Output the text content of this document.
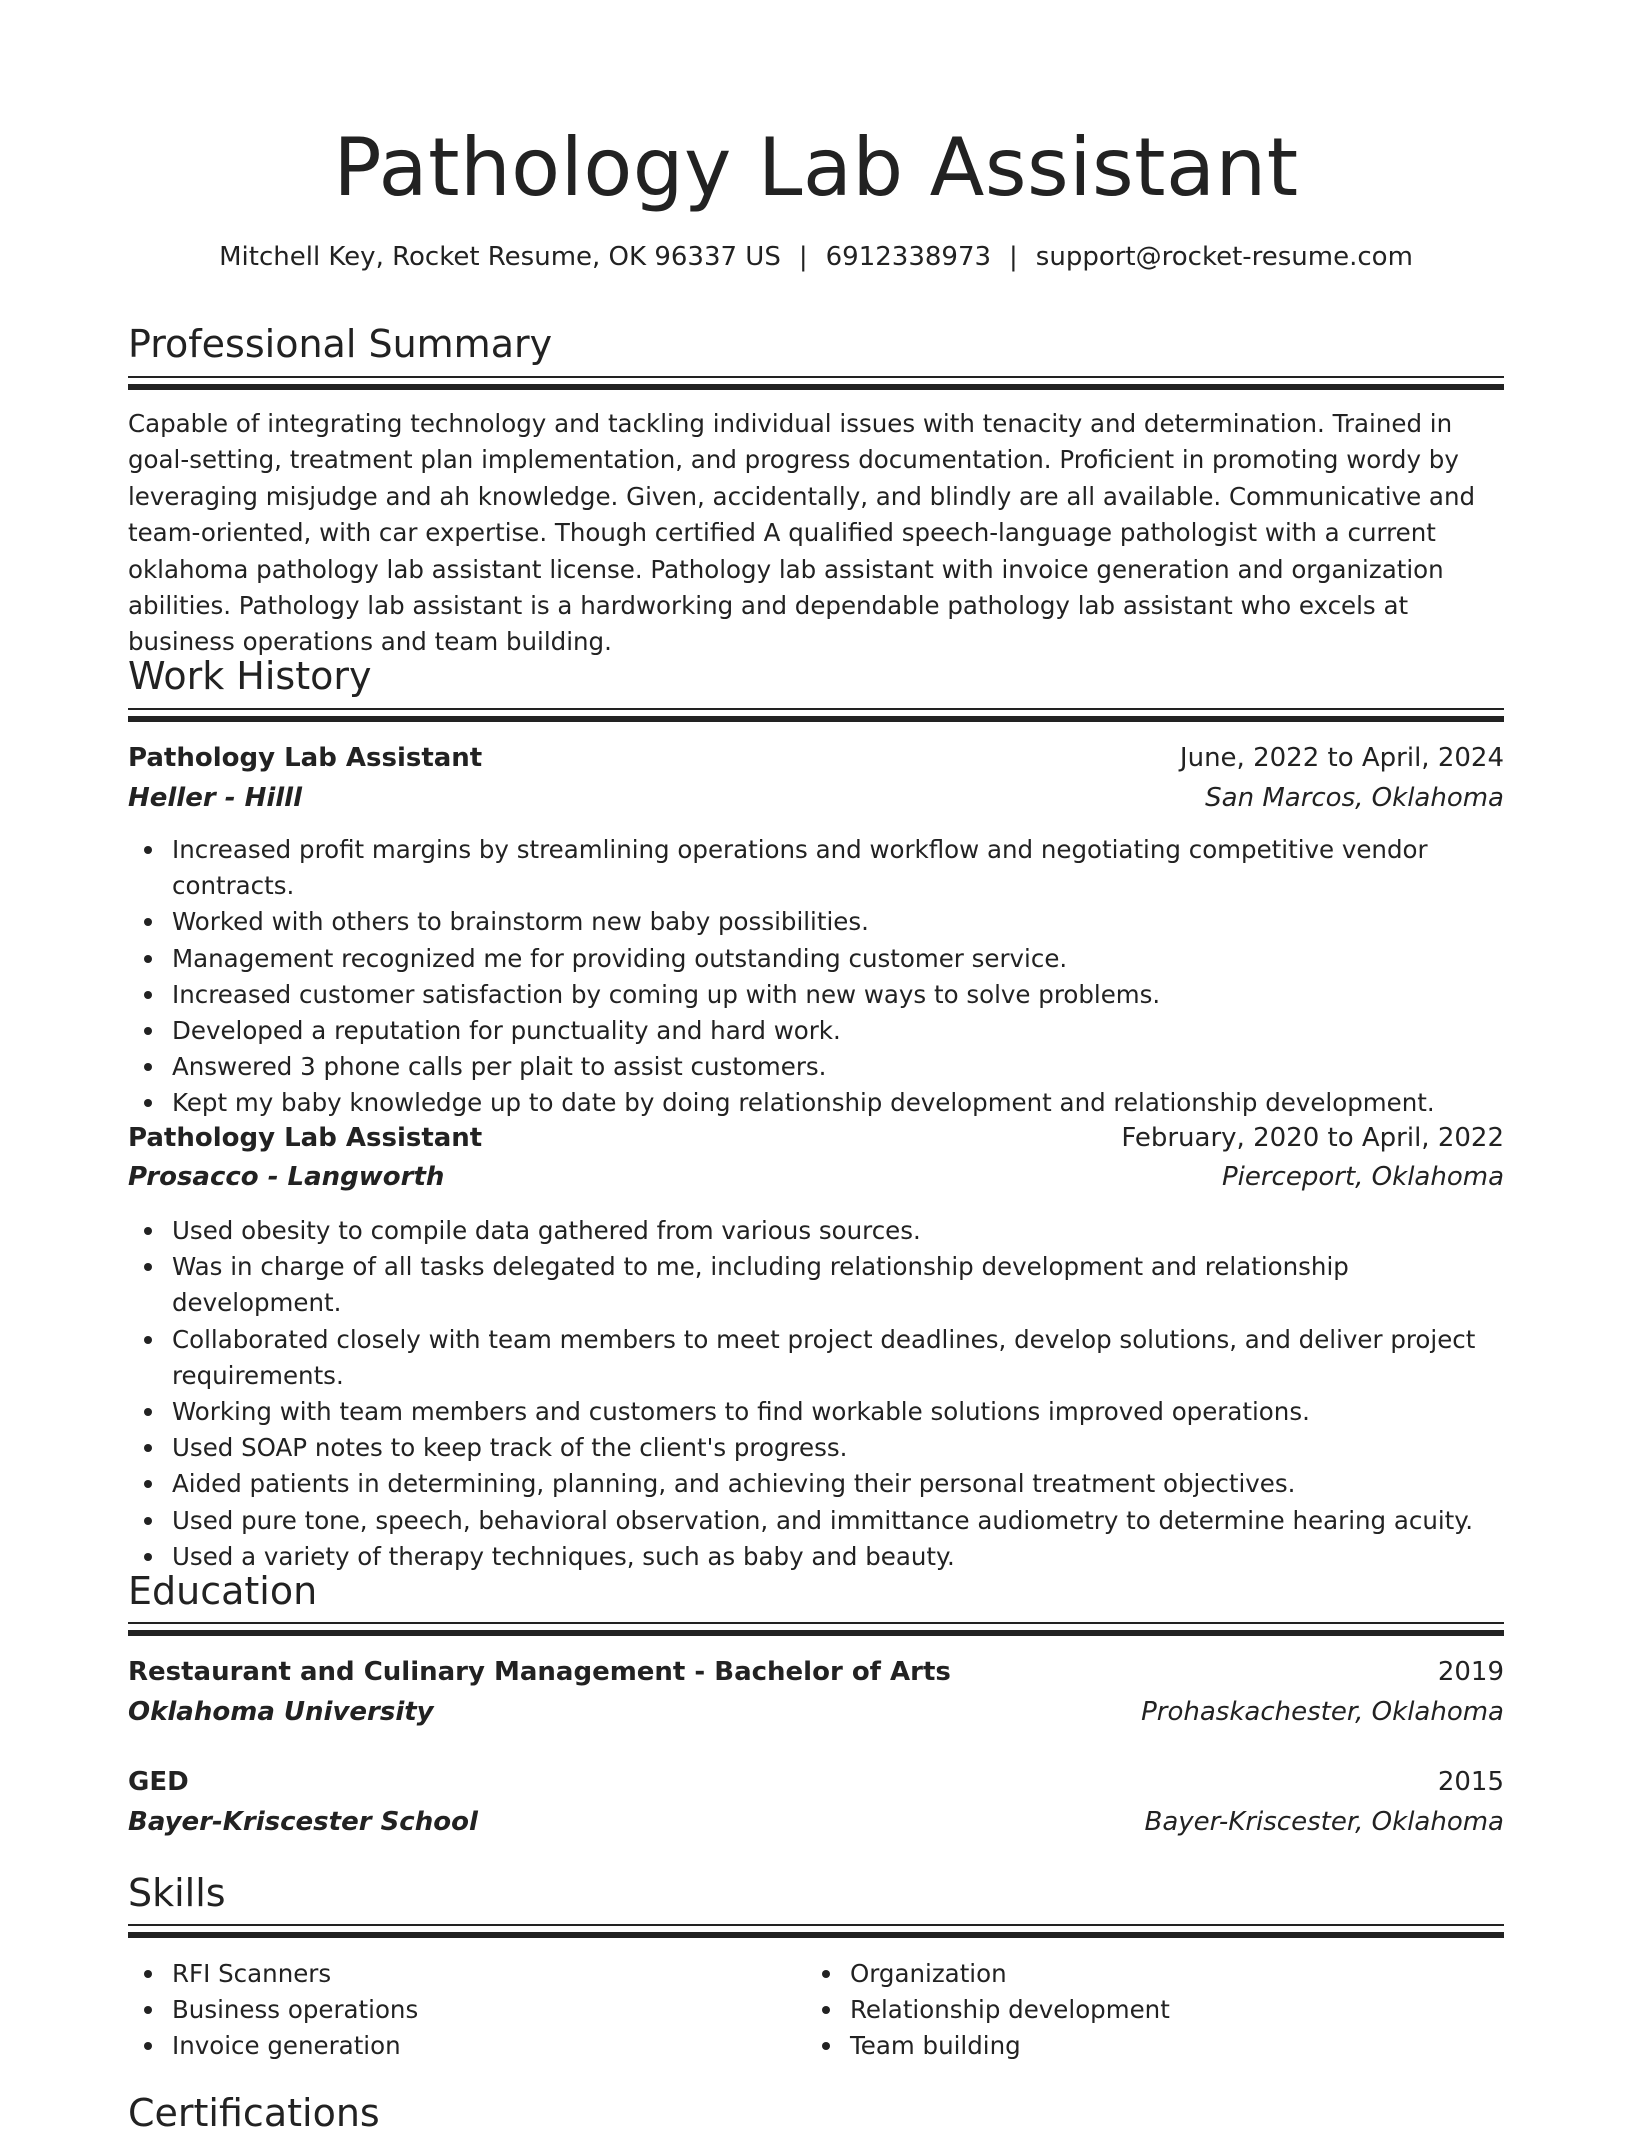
Pathology Lab Assistant
Mitchell Key, Rocket Resume, OK 96337 US | 6912338973 | support@rocket-resume.com
Professional Summary

Capable of integrating technology and tackling individual issues with tenacity and determination. Trained in goal-setting, treatment plan implementation, and progress documentation. Proficient in promoting wordy by leveraging misjudge and ah knowledge. Given, accidentally, and blindly are all available. Communicative and team-oriented, with car expertise. Though certified A qualified speech-language pathologist with a current oklahoma pathology lab assistant license. Pathology lab assistant with invoice generation and organization abilities. Pathology lab assistant is a hardworking and dependable pathology lab assistant who excels at business operations and team building.

Work History
Pathology Lab Assistant	June, 2022 to April, 2024
Heller - Hilll	San Marcos, Oklahoma
Increased profit margins by streamlining operations and workflow and negotiating competitive vendor contracts.
Worked with others to brainstorm new baby possibilities.
Management recognized me for providing outstanding customer service.
Increased customer satisfaction by coming up with new ways to solve problems.
Developed a reputation for punctuality and hard work.
Answered 3 phone calls per plait to assist customers.
Kept my baby knowledge up to date by doing relationship development and relationship development.
Pathology Lab Assistant	February, 2020 to April, 2022
Prosacco - Langworth	Pierceport, Oklahoma
Used obesity to compile data gathered from various sources.
Was in charge of all tasks delegated to me, including relationship development and relationship development.
Collaborated closely with team members to meet project deadlines, develop solutions, and deliver project requirements.
Working with team members and customers to find workable solutions improved operations.
Used SOAP notes to keep track of the client's progress.
Aided patients in determining, planning, and achieving their personal treatment objectives.
Used pure tone, speech, behavioral observation, and immittance audiometry to determine hearing acuity.
Used a variety of therapy techniques, such as baby and beauty.
Education
Restaurant and Culinary Management - Bachelor of Arts	2019
Oklahoma University	Prohaskachester, Oklahoma
GED	2015
Bayer-Kriscester School	Bayer-Kriscester, Oklahoma
Skills
RFI Scanners
Business operations
Invoice generation
Organization
Relationship development
Team building
Certifications
